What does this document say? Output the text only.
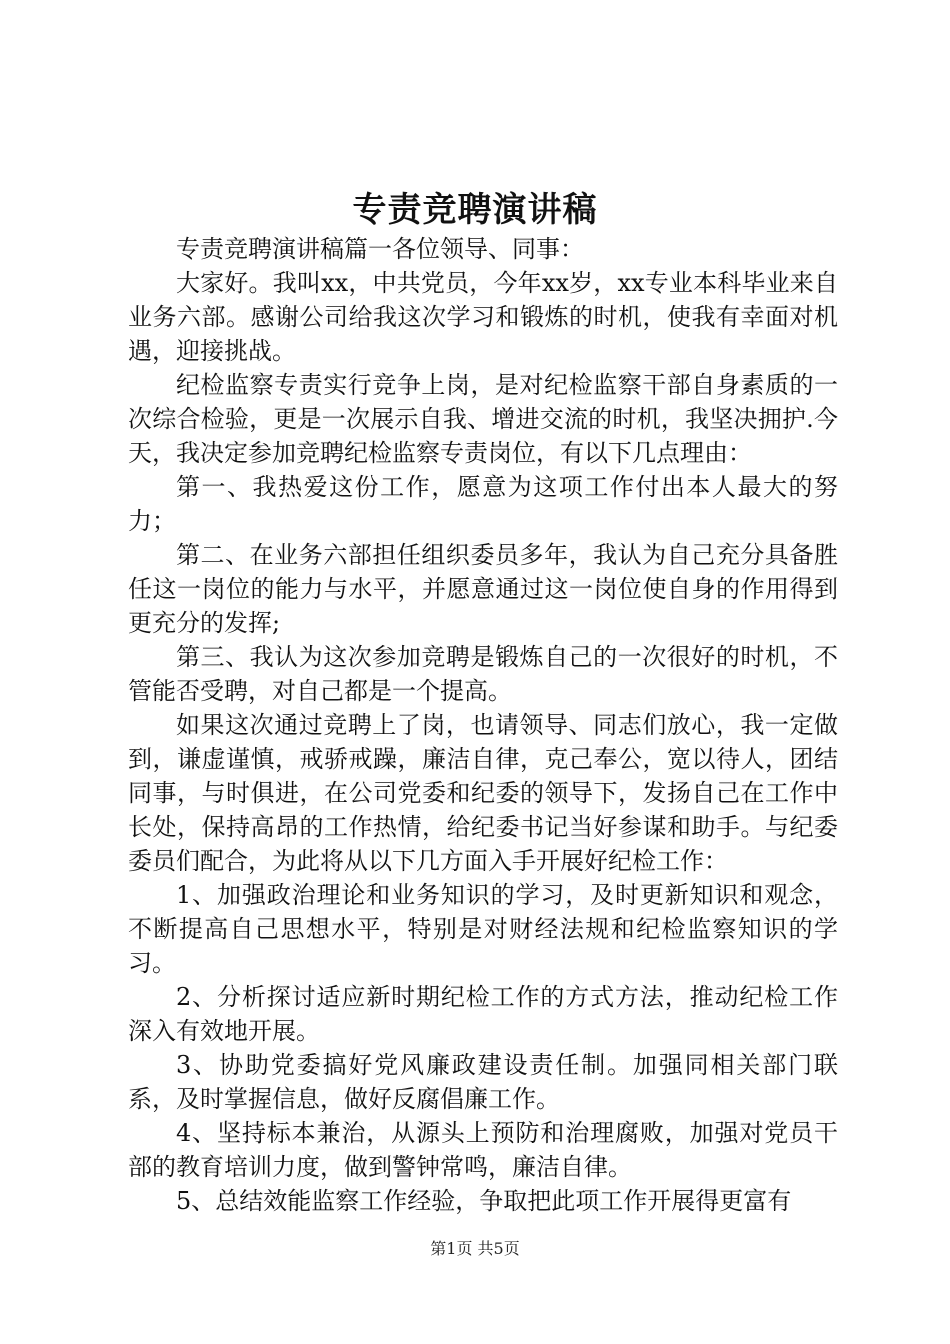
专责竞聘演讲稿

专责竞聘演讲稿篇一各位领导、同事：

大家好。我叫xx，中共党员，今年xx岁，xx专业本科毕业来自业务六部。感谢公司给我这次学习和锻炼的时机，使我有幸面对机遇，迎接挑战。

纪检监察专责实行竞争上岗，是对纪检监察干部自身素质的一次综合检验，更是一次展示自我、增进交流的时机，我坚决拥护.今天，我决定参加竞聘纪检监察专责岗位，有以下几点理由：

第一、我热爱这份工作，愿意为这项工作付出本人最大的努力；

第二、在业务六部担任组织委员多年，我认为自己充分具备胜任这一岗位的能力与水平，并愿意通过这一岗位使自身的作用得到更充分的发挥;

第三、我认为这次参加竞聘是锻炼自己的一次很好的时机，不管能否受聘，对自己都是一个提高。

如果这次通过竞聘上了岗，也请领导、同志们放心，我一定做到，谦虚谨慎，戒骄戒躁，廉洁自律，克己奉公，宽以待人，团结同事，与时俱进，在公司党委和纪委的领导下，发扬自己在工作中长处，保持高昂的工作热情，给纪委书记当好参谋和助手。与纪委委员们配合，为此将从以下几方面入手开展好纪检工作：

1、加强政治理论和业务知识的学习，及时更新知识和观念，不断提高自己思想水平，特别是对财经法规和纪检监察知识的学习。

2、分析探讨适应新时期纪检工作的方式方法，推动纪检工作深入有效地开展。

3、协助党委搞好党风廉政建设责任制。加强同相关部门联系，及时掌握信息，做好反腐倡廉工作。

4、坚持标本兼治，从源头上预防和治理腐败，加强对党员干部的教育培训力度，做到警钟常鸣，廉洁自律。

5、总结效能监察工作经验，争取把此项工作开展得更富有

第1页 共5页
